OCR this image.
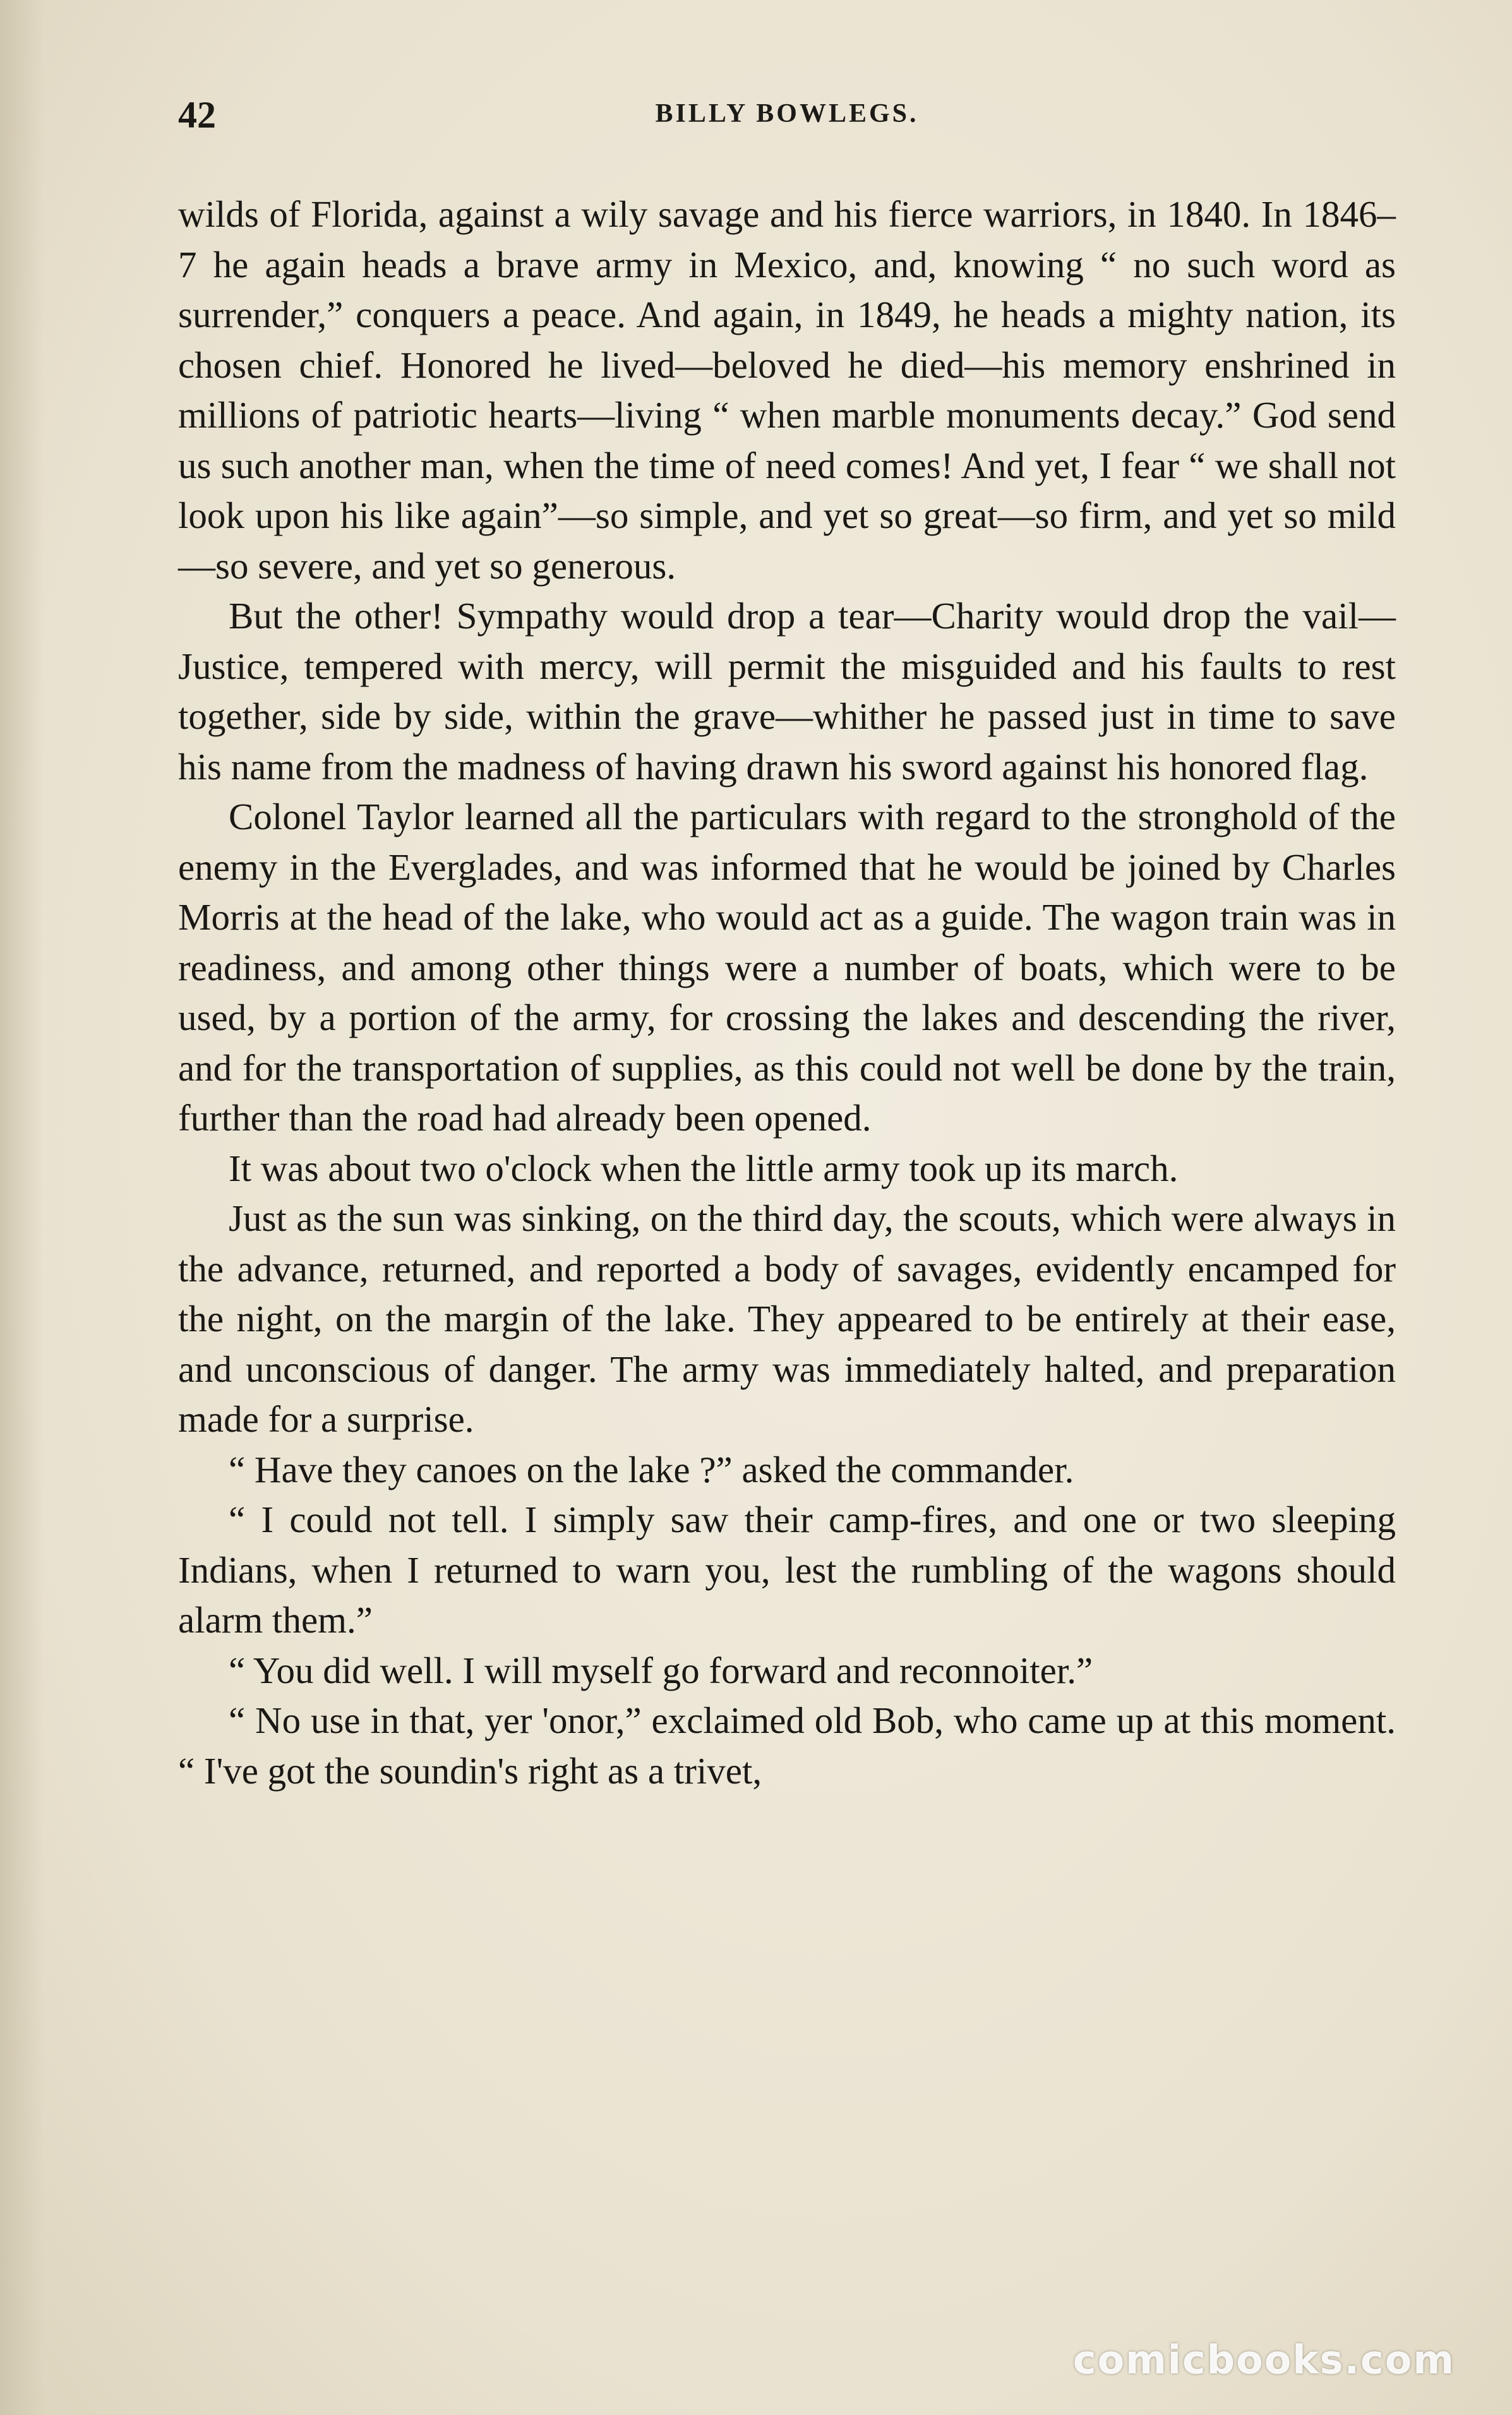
42	BILLY BOWLEGS.

wilds of Florida, against a wily savage and his fierce warriors, in 1840. In 1846–7 he again heads a brave army in Mexico, and, knowing “ no such word as surrender,” conquers a peace. And again, in 1849, he heads a mighty nation, its chosen chief. Honored he lived—beloved he died—his memory enshrined in millions of patriotic hearts—living “ when marble monuments decay.” God send us such another man, when the time of need comes! And yet, I fear “ we shall not look upon his like again”—so simple, and yet so great—so firm, and yet so mild—so severe, and yet so generous.

But the other! Sympathy would drop a tear—Charity would drop the vail—Justice, tempered with mercy, will permit the misguided and his faults to rest together, side by side, within the grave—whither he passed just in time to save his name from the madness of having drawn his sword against his honored flag.

Colonel Taylor learned all the particulars with regard to the stronghold of the enemy in the Everglades, and was informed that he would be joined by Charles Morris at the head of the lake, who would act as a guide. The wagon train was in readiness, and among other things were a number of boats, which were to be used, by a portion of the army, for crossing the lakes and descending the river, and for the transportation of supplies, as this could not well be done by the train, further than the road had already been opened.

It was about two o'clock when the little army took up its march.

Just as the sun was sinking, on the third day, the scouts, which were always in the advance, returned, and reported a body of savages, evidently encamped for the night, on the margin of the lake. They appeared to be entirely at their ease, and unconscious of danger. The army was immediately halted, and preparation made for a surprise.

“ Have they canoes on the lake ?” asked the commander.

“ I could not tell. I simply saw their camp-fires, and one or two sleeping Indians, when I returned to warn you, lest the rumbling of the wagons should alarm them.”

“ You did well. I will myself go forward and reconnoiter.”

“ No use in that, yer 'onor,” exclaimed old Bob, who came up at this moment. “ I've got the soundin's right as a trivet,

comicbooks.com
